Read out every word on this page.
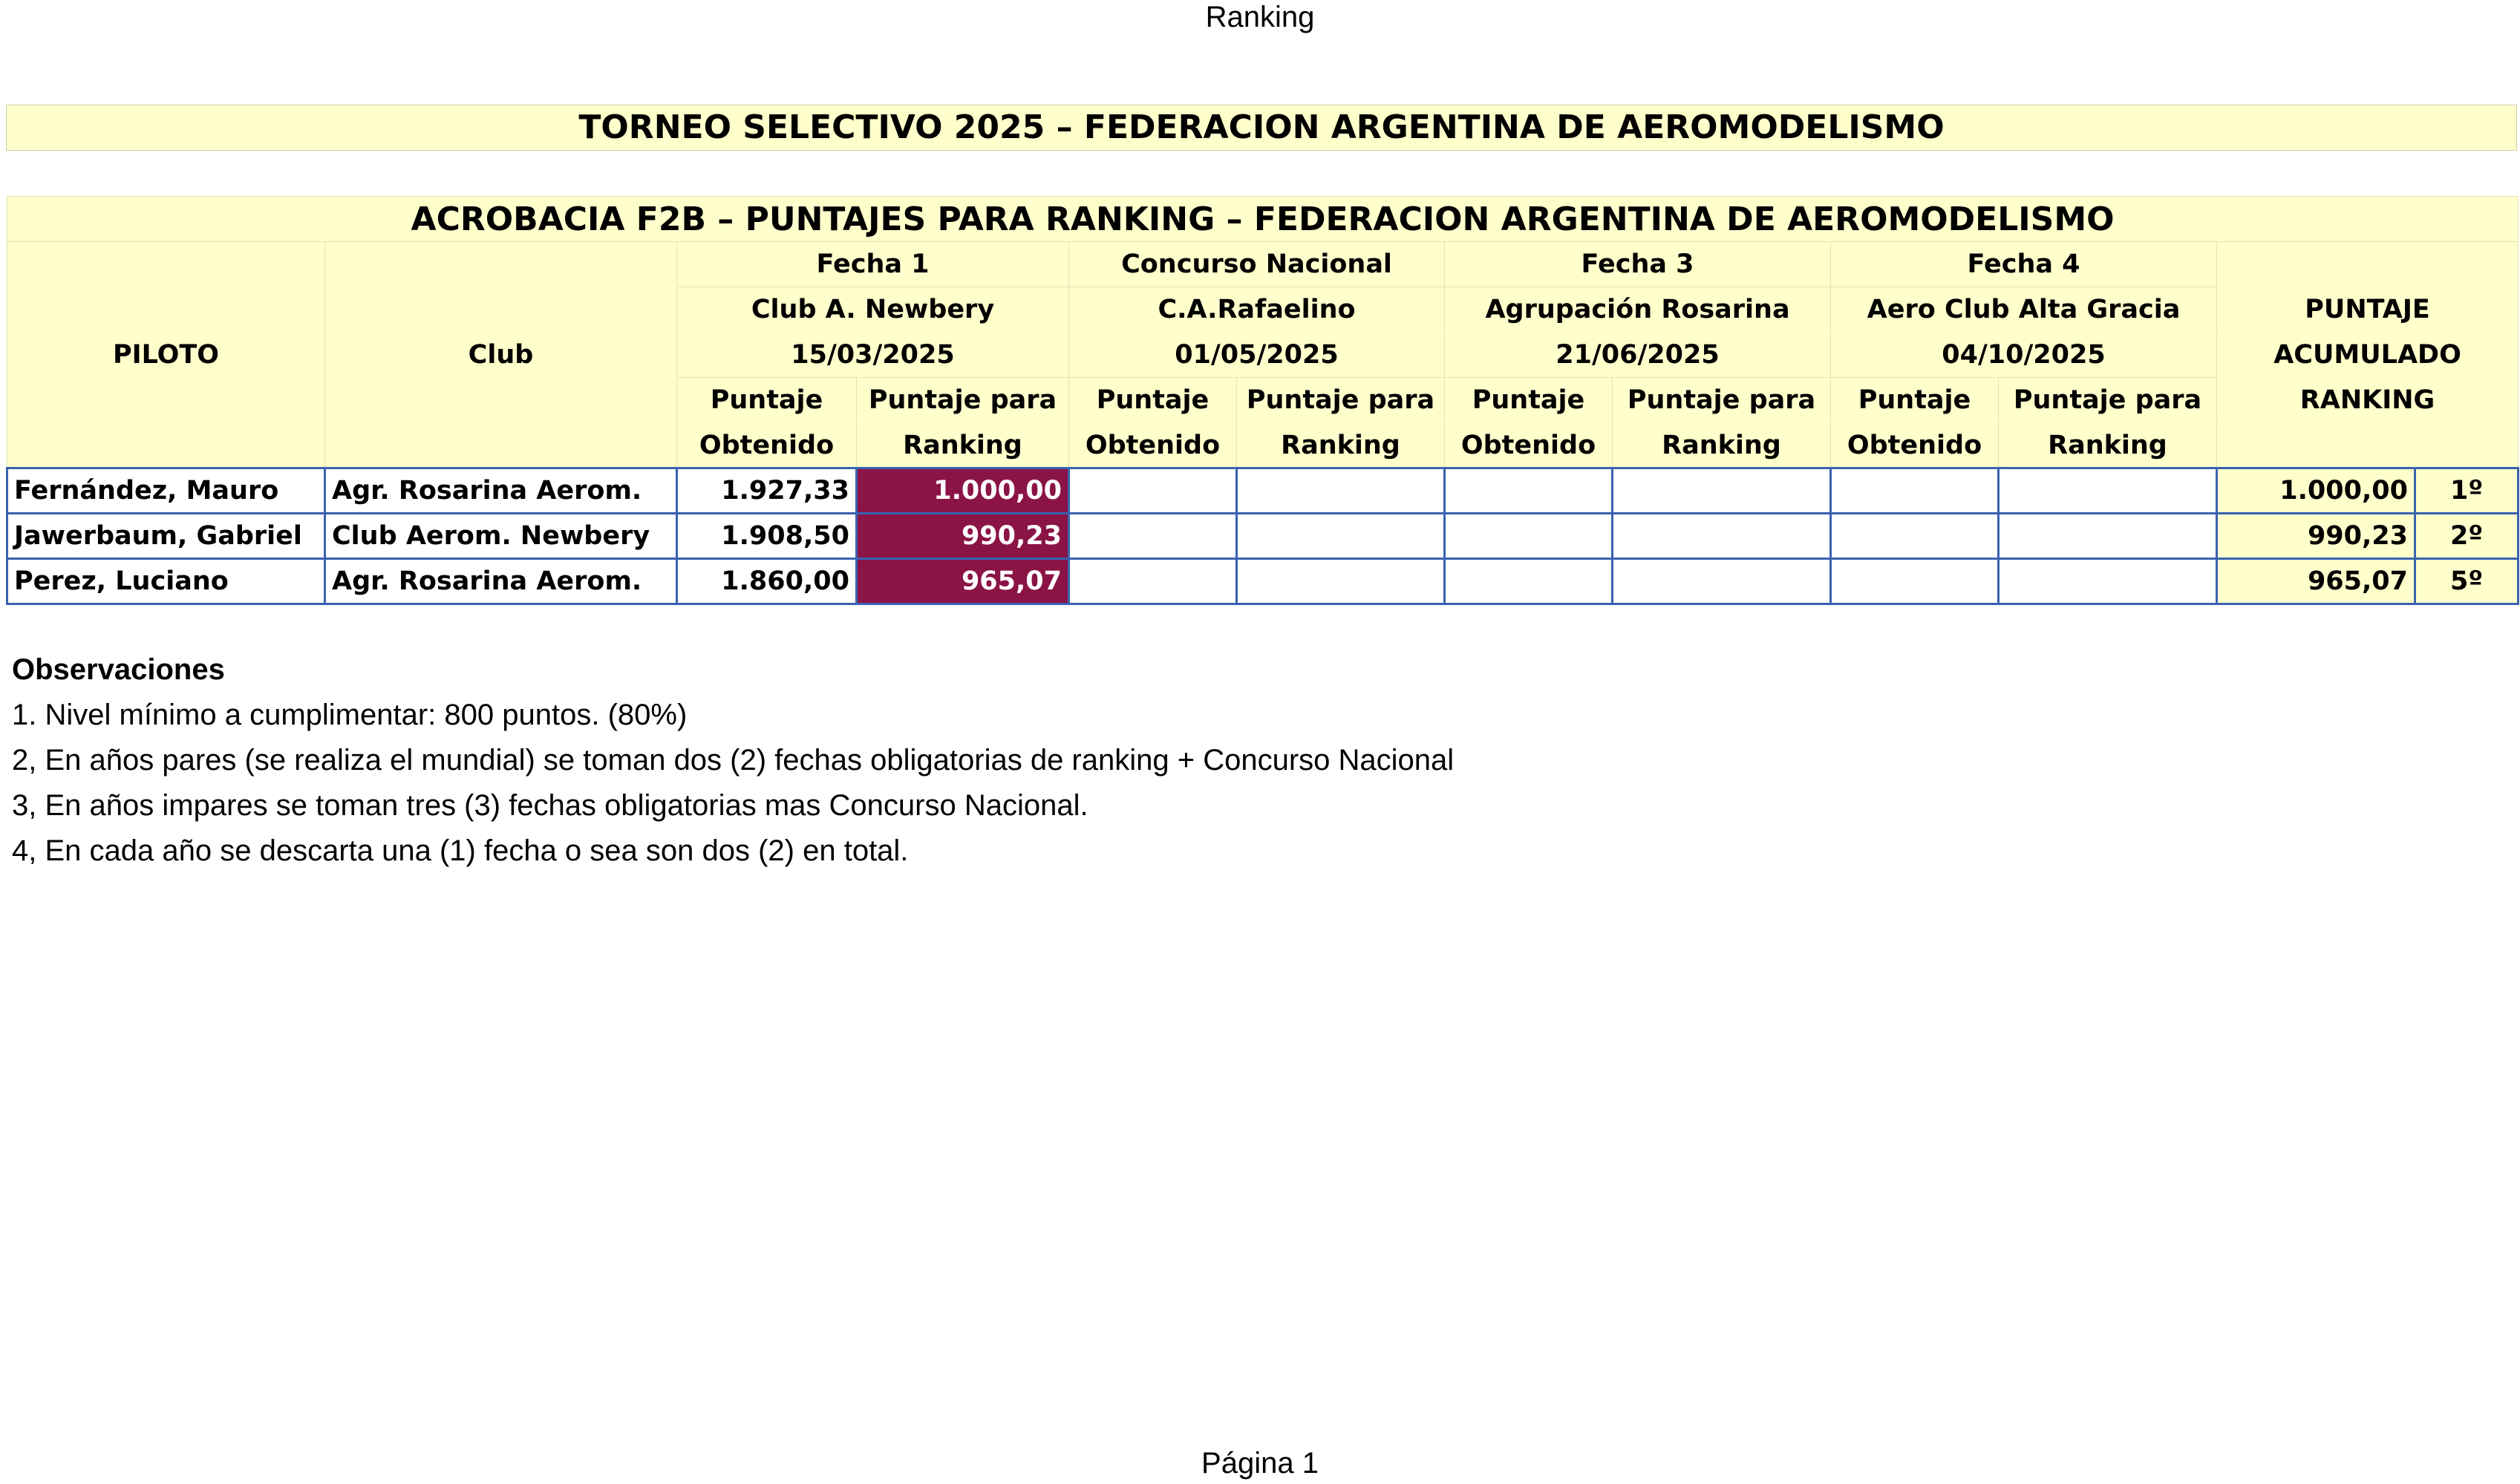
Ranking
TORNEO SELECTIVO 2025 – FEDERACION ARGENTINA DE AEROMODELISMO
ACROBACIA F2B – PUNTAJES PARA RANKING – FEDERACION ARGENTINA DE AEROMODELISMO											
		Fecha 1		Concurso Nacional		Fecha 3		Fecha 4			
		Club A. Newbery		C.A.Rafaelino		Agrupación Rosarina		Aero Club Alta Gracia		PUNTAJE	
PILOTO	Club	15/03/2025		01/05/2025		21/06/2025		04/10/2025		ACUMULADO	
		Puntaje	Puntaje para	Puntaje	Puntaje para	Puntaje	Puntaje para	Puntaje	Puntaje para	RANKING	
		Obtenido	Ranking	Obtenido	Ranking	Obtenido	Ranking	Obtenido	Ranking		
Fernández, Mauro	Agr. Rosarina Aerom.	1.927,33	1.000,00							1.000,00	1º
Jawerbaum, Gabriel	Club Aerom. Newbery	1.908,50	990,23							990,23	2º
Perez, Luciano	Agr. Rosarina Aerom.	1.860,00	965,07							965,07	5º
Observaciones
1. Nivel mínimo a cumplimentar: 800 puntos. (80%)
2, En años pares (se realiza el mundial) se toman dos (2) fechas obligatorias de ranking + Concurso Nacional
3, En años impares se toman tres (3) fechas obligatorias mas Concurso Nacional.
4, En cada año se descarta una (1) fecha o sea son dos (2) en total.
Página 1
